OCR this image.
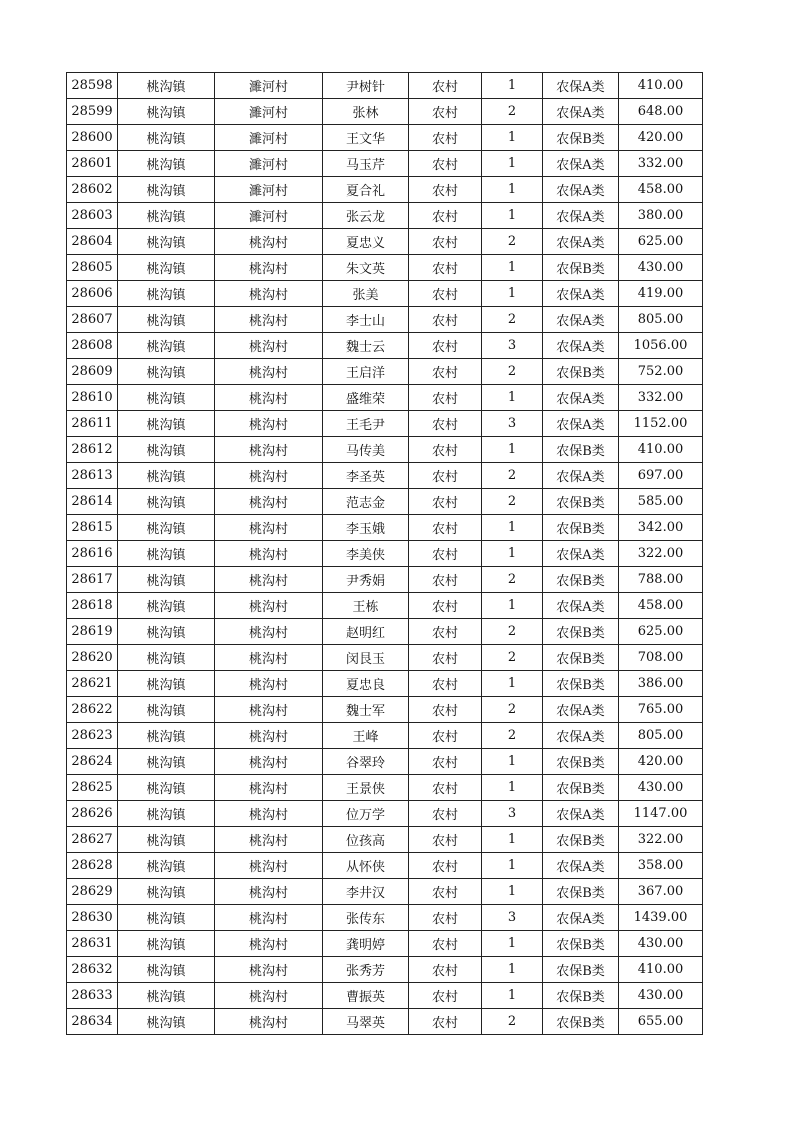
28598	桃沟镇	濉河村	尹树针	农村	1	农保A类	410.00
28599	桃沟镇	濉河村	张林	农村	2	农保A类	648.00
28600	桃沟镇	濉河村	王文华	农村	1	农保B类	420.00
28601	桃沟镇	濉河村	马玉芹	农村	1	农保A类	332.00
28602	桃沟镇	濉河村	夏合礼	农村	1	农保A类	458.00
28603	桃沟镇	濉河村	张云龙	农村	1	农保A类	380.00
28604	桃沟镇	桃沟村	夏忠义	农村	2	农保A类	625.00
28605	桃沟镇	桃沟村	朱文英	农村	1	农保B类	430.00
28606	桃沟镇	桃沟村	张美	农村	1	农保A类	419.00
28607	桃沟镇	桃沟村	李士山	农村	2	农保A类	805.00
28608	桃沟镇	桃沟村	魏士云	农村	3	农保A类	1056.00
28609	桃沟镇	桃沟村	王启洋	农村	2	农保B类	752.00
28610	桃沟镇	桃沟村	盛维荣	农村	1	农保A类	332.00
28611	桃沟镇	桃沟村	王毛尹	农村	3	农保A类	1152.00
28612	桃沟镇	桃沟村	马传美	农村	1	农保B类	410.00
28613	桃沟镇	桃沟村	李圣英	农村	2	农保A类	697.00
28614	桃沟镇	桃沟村	范志金	农村	2	农保B类	585.00
28615	桃沟镇	桃沟村	李玉娥	农村	1	农保B类	342.00
28616	桃沟镇	桃沟村	李美侠	农村	1	农保A类	322.00
28617	桃沟镇	桃沟村	尹秀娟	农村	2	农保B类	788.00
28618	桃沟镇	桃沟村	王栋	农村	1	农保A类	458.00
28619	桃沟镇	桃沟村	赵明红	农村	2	农保B类	625.00
28620	桃沟镇	桃沟村	闵艮玉	农村	2	农保B类	708.00
28621	桃沟镇	桃沟村	夏忠良	农村	1	农保B类	386.00
28622	桃沟镇	桃沟村	魏士军	农村	2	农保A类	765.00
28623	桃沟镇	桃沟村	王峰	农村	2	农保A类	805.00
28624	桃沟镇	桃沟村	谷翠玲	农村	1	农保B类	420.00
28625	桃沟镇	桃沟村	王景侠	农村	1	农保B类	430.00
28626	桃沟镇	桃沟村	位万学	农村	3	农保A类	1147.00
28627	桃沟镇	桃沟村	位孩高	农村	1	农保B类	322.00
28628	桃沟镇	桃沟村	从怀侠	农村	1	农保A类	358.00
28629	桃沟镇	桃沟村	李井汉	农村	1	农保B类	367.00
28630	桃沟镇	桃沟村	张传东	农村	3	农保A类	1439.00
28631	桃沟镇	桃沟村	龚明婷	农村	1	农保B类	430.00
28632	桃沟镇	桃沟村	张秀芳	农村	1	农保B类	410.00
28633	桃沟镇	桃沟村	曹振英	农村	1	农保B类	430.00
28634	桃沟镇	桃沟村	马翠英	农村	2	农保B类	655.00
